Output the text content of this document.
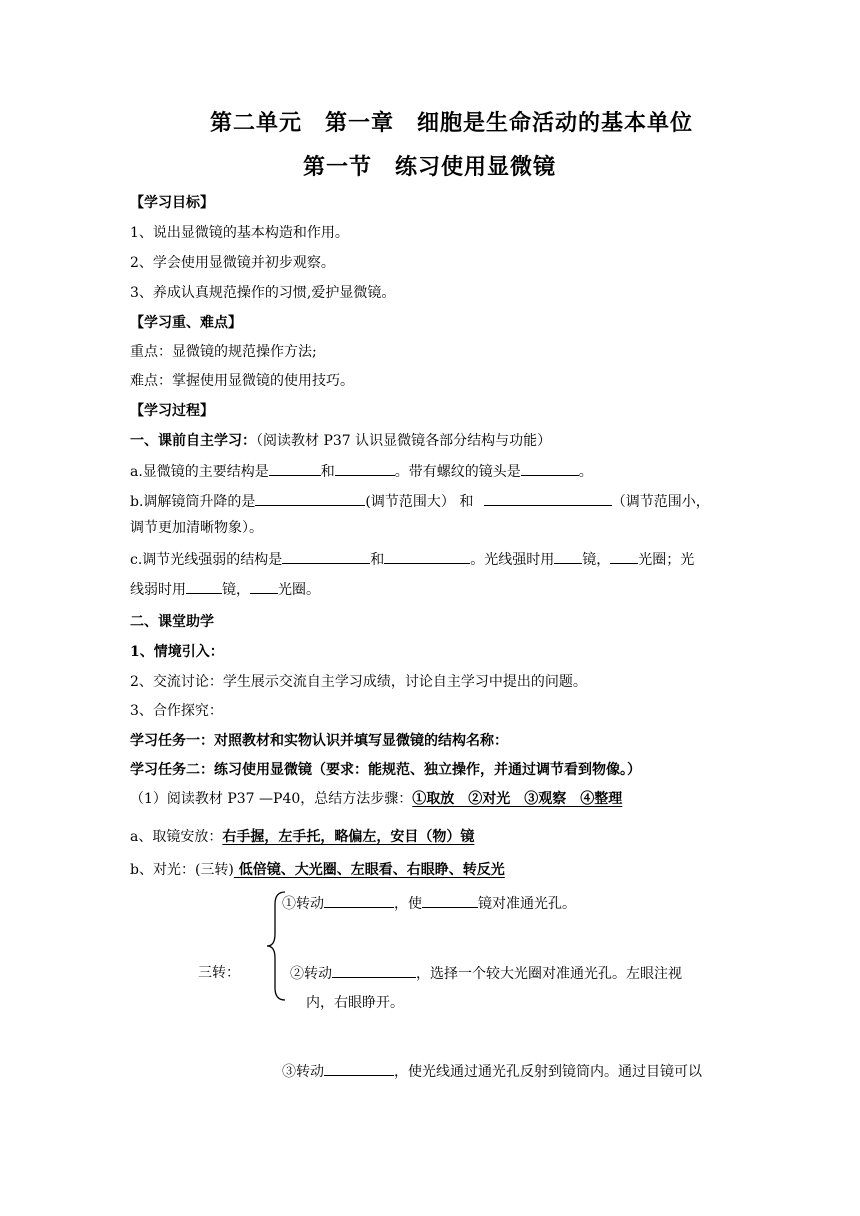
第二单元　第一章　细胞是生命活动的基本单位
第一节　练习使用显微镜
【学习目标】
1、说出显微镜的基本构造和作用。
2、学会使用显微镜并初步观察。
3、养成认真规范操作的习惯,爱护显微镜。
【学习重、难点】
重点：显微镜的规范操作方法;
难点：掌握使用显微镜的使用技巧。
【学习过程】
一、课前自主学习：（阅读教材 P37 认识显微镜各部分结构与功能）
a.显微镜的主要结构是	和	。带有螺纹的镜头是	。
b.调解镜筒升降的是	(调节范围大） 和	（调节范围小，
调节更加清晰物象）。
c.调节光线强弱的结构是	和	。光线强时用 镜， 光圈；光
线弱时用	镜， 光圈。
二、课堂助学
1、情境引入：
2、交流讨论：学生展示交流自主学习成绩，讨论自主学习中提出的问题。
3、合作探究：
学习任务一：对照教材和实物认识并填写显微镜的结构名称：
学习任务二：练习使用显微镜（要求：能规范、独立操作，并通过调节看到物像。）
（1）阅读教材 P37 —P40，总结方法步骤：①取放　②对光　③观察　④整理
a、取镜安放：右手握，左手托，略偏左，安目（物）镜
b、对光：(三转) 低倍镜、大光圈、左眼看、右眼睁、转反光
①转动	，使	镜对准通光孔。
三转：	②转动	，选择一个较大光圈对准通光孔。左眼注视
内，右眼睁开。
③转动	，使光线通过通光孔反射到镜筒内。通过目镜可以
